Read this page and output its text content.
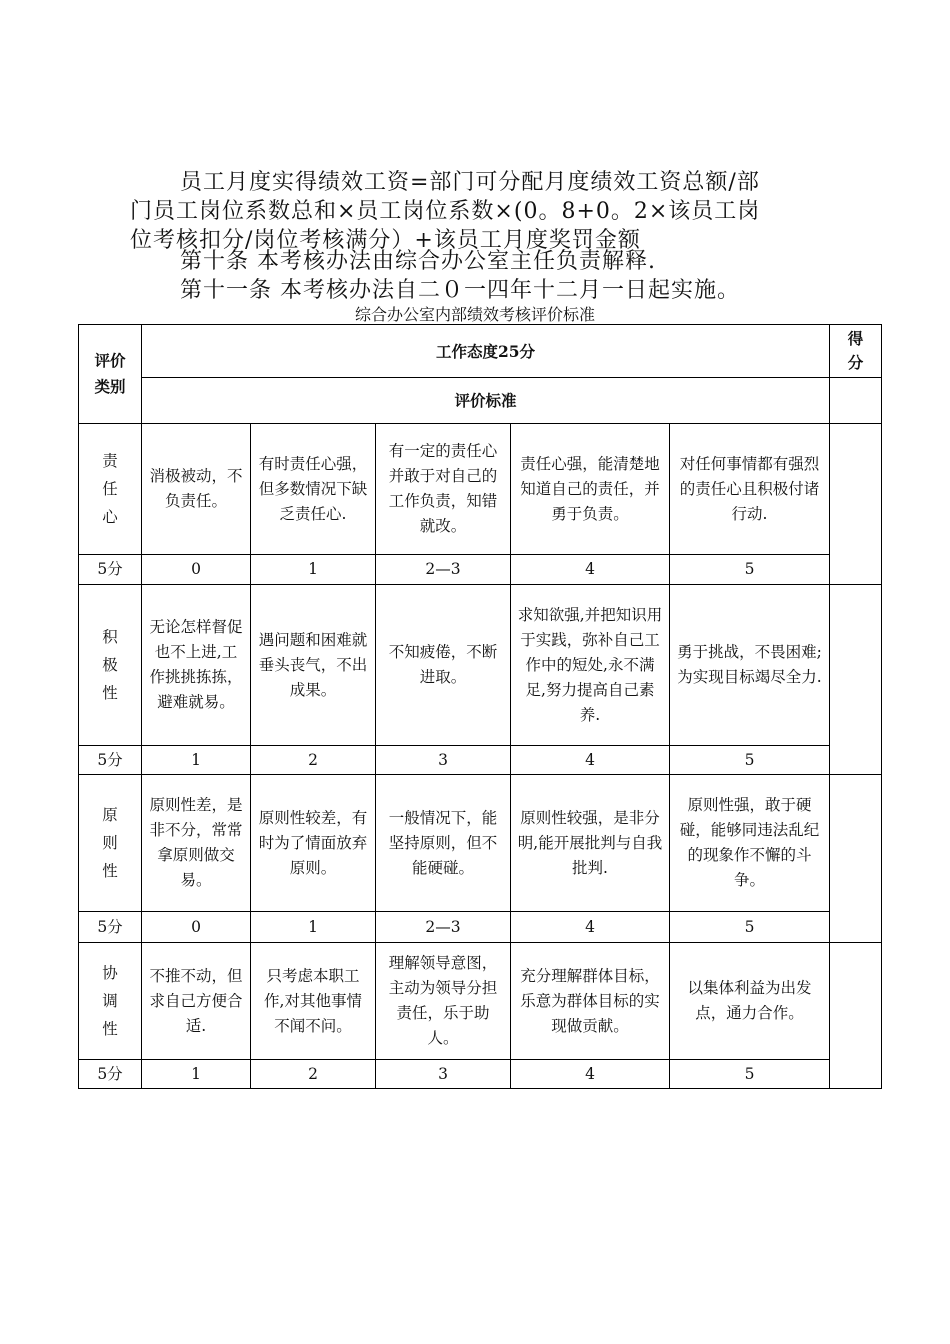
员工月度实得绩效工资=部门可分配月度绩效工资总额/部
门员工岗位系数总和×员工岗位系数×(0。8+0。2×该员工岗
位考核扣分/岗位考核满分）+该员工月度奖罚金额
第十条 本考核办法由综合办公室主任负责解释.
第十一条 本考核办法自二０一四年十二月一日起实施。
综合办公室内部绩效考核评价标准
评价类别	工作态度25分					得分
	评价标准					
责任心	消极被动，不负责任。	有时责任心强，但多数情况下缺乏责任心.	有一定的责任心并敢于对自己的工作负责，知错就改。	责任心强，能清楚地知道自己的责任，并勇于负责。	对任何事情都有强烈的责任心且积极付诸行动.	
5分	0	1	2—3	4	5	
积极性	无论怎样督促也不上进,工作挑挑拣拣，避难就易。	遇问题和困难就垂头丧气，不出成果。	不知疲倦，不断进取。	求知欲强,并把知识用于实践，弥补自己工作中的短处,永不满足,努力提高自己素养.	勇于挑战，不畏困难;为实现目标竭尽全力.	
5分	1	2	3	4	5	
原则性	原则性差，是非不分，常常拿原则做交易。	原则性较差，有时为了情面放弃原则。	一般情况下，能坚持原则，但不能硬碰。	原则性较强，是非分明,能开展批判与自我批判.	原则性强，敢于硬碰，能够同违法乱纪的现象作不懈的斗争。	
5分	0	1	2—3	4	5	
协调性	不推不动，但求自己方便合适.	只考虑本职工作,对其他事情不闻不问。	理解领导意图，主动为领导分担责任，乐于助人。	充分理解群体目标，乐意为群体目标的实现做贡献。	以集体利益为出发点，通力合作。	
5分	1	2	3	4	5	
